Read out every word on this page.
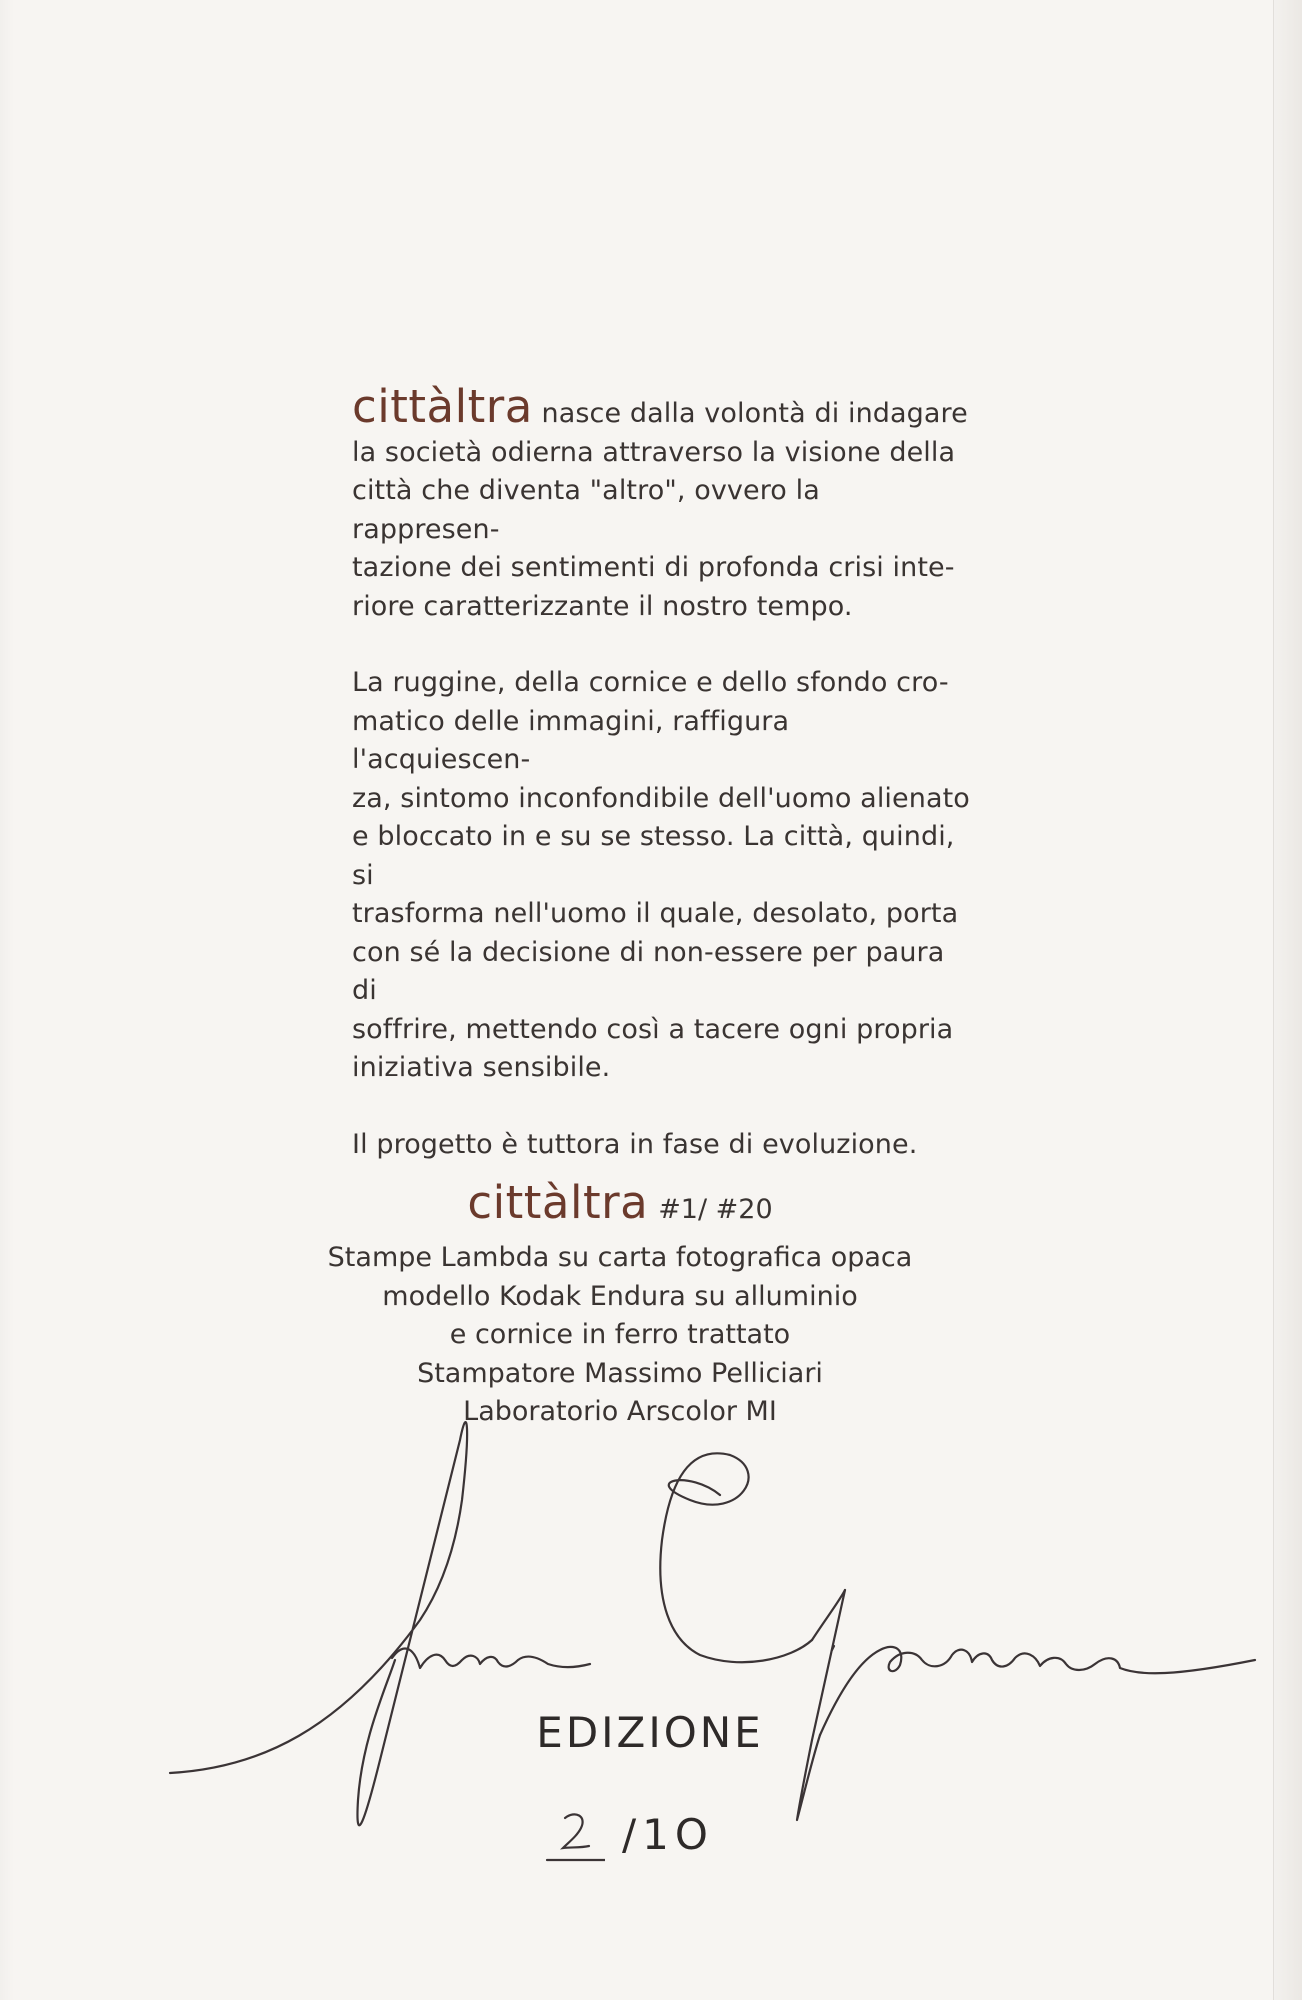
cittàltra nasce dalla volontà di indagare
la società odierna attraverso la visione della
città che diventa "altro", ovvero la rappresen-
tazione dei sentimenti di profonda crisi inte-
riore caratterizzante il nostro tempo.

La ruggine, della cornice e dello sfondo cro-
matico delle immagini, raffigura l'acquiescen-
za, sintomo inconfondibile dell'uomo alienato
e bloccato in e su se stesso. La città, quindi, si
trasforma nell'uomo il quale, desolato, porta
con sé la decisione di non-essere per paura di
soffrire, mettendo così a tacere ogni propria
iniziativa sensibile.

Il progetto è tuttora in fase di evoluzione.

cittàltra #1/ #20
Stampe Lambda su carta fotografica opaca
modello Kodak Endura su alluminio
e cornice in ferro trattato
Stampatore Massimo Pelliciari
Laboratorio Arscolor MI
EDIZIONE
/1O
